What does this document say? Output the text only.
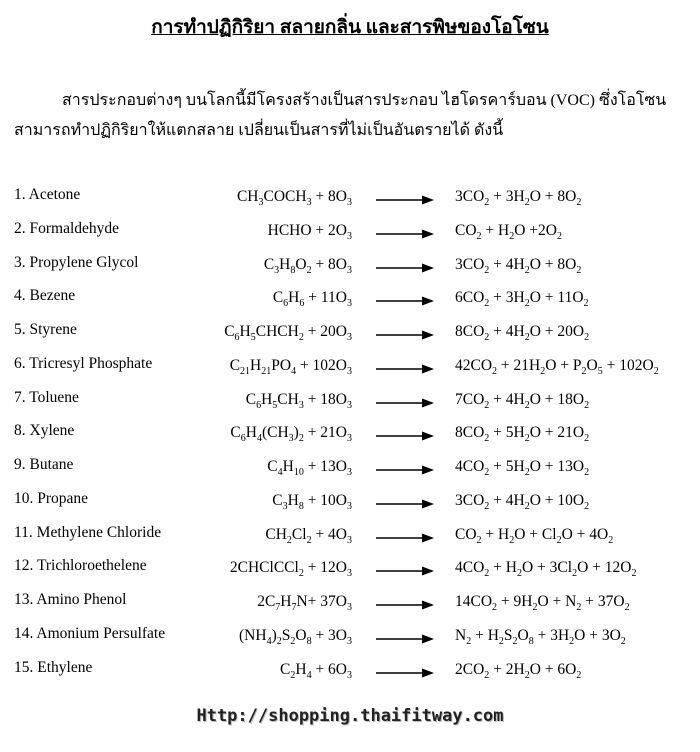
การทำปฏิกิริยา สลายกลิ่น และสารพิษของโอโซน
สารประกอบต่างๆ บนโลกนี้มีโครงสร้างเป็นสารประกอบ ไฮโดรคาร์บอน (VOC) ซึ่งโอโซน
สามารถทำปฏิกิริยาให้แตกสลาย เปลี่ยนเป็นสารที่ไม่เป็นอันตรายได้ ดังนี้
1. Acetone	$CH_3COCH_3 + 8O_3 \to 3CO_2 + 3H_2O + 8O_2$
2. Formaldehyde	HCHO + $2O_3 \to CO_2 + H_2O +2O_2$
3. Propylene Glycol	$C_3H_8O_2 + 8O_3 \to 3CO_2 + 4H_2O + 8O_2$
4. Bezene	$C_6H_6 + 11O_3 \to 6CO_2 + 3H_2O + 11O_2$
5. Styrene	$C_6H_5CHCH_2 + 20O_3 \to 8CO_2 + 4H_2O + 20O_2$
6. Tricresyl Phosphate	$C_{21}H_{21}PO_4 + 102O_3 \to 42CO_2 + 21H_2O + P_2O_5 + 102O_2$
7. Toluene	$C_6H_5CH_3 + 18O_3 \to 7CO_2 + 4H_2O + 18O_2$
8. Xylene	$C_6H_4(CH_3)_2 + 21O_3 \to 8CO_2 + 5H_2O + 21O_2$
9. Butane	$C_4H_{10} + 13O_3 \to 4CO_2 + 5H_2O + 13O_2$
10. Propane	$C_3H_8 + 10O_3 \to 3CO_2 + 4H_2O + 10O_2$
11. Methylene Chloride	$CH_2Cl_2 + 4O_3 \to CO_2 + H_2O + Cl_2O + 4O_2$
12. Trichloroethelene	2CHClCCl$_2$ + $12O_3 \to 4CO_2 + H_2O + 3Cl_2O + 12O_2$
13. Amino Phenol	$2C_7H_7N+ 37O_3 \to 14CO_2 + 9H_2O + N_2 + 37O_2$
14. Amonium Persulfate	$(NH_4)_2S_2O_8 + 3O_3 \to N_2 + H_2S_2O_8 + 3H_2O + 3O_2$
15. Ethylene	$C_2H_4 + 6O_3 \to 2CO_2 + 2H_2O + 6O_2$
Http://shopping.thaifitway.com
